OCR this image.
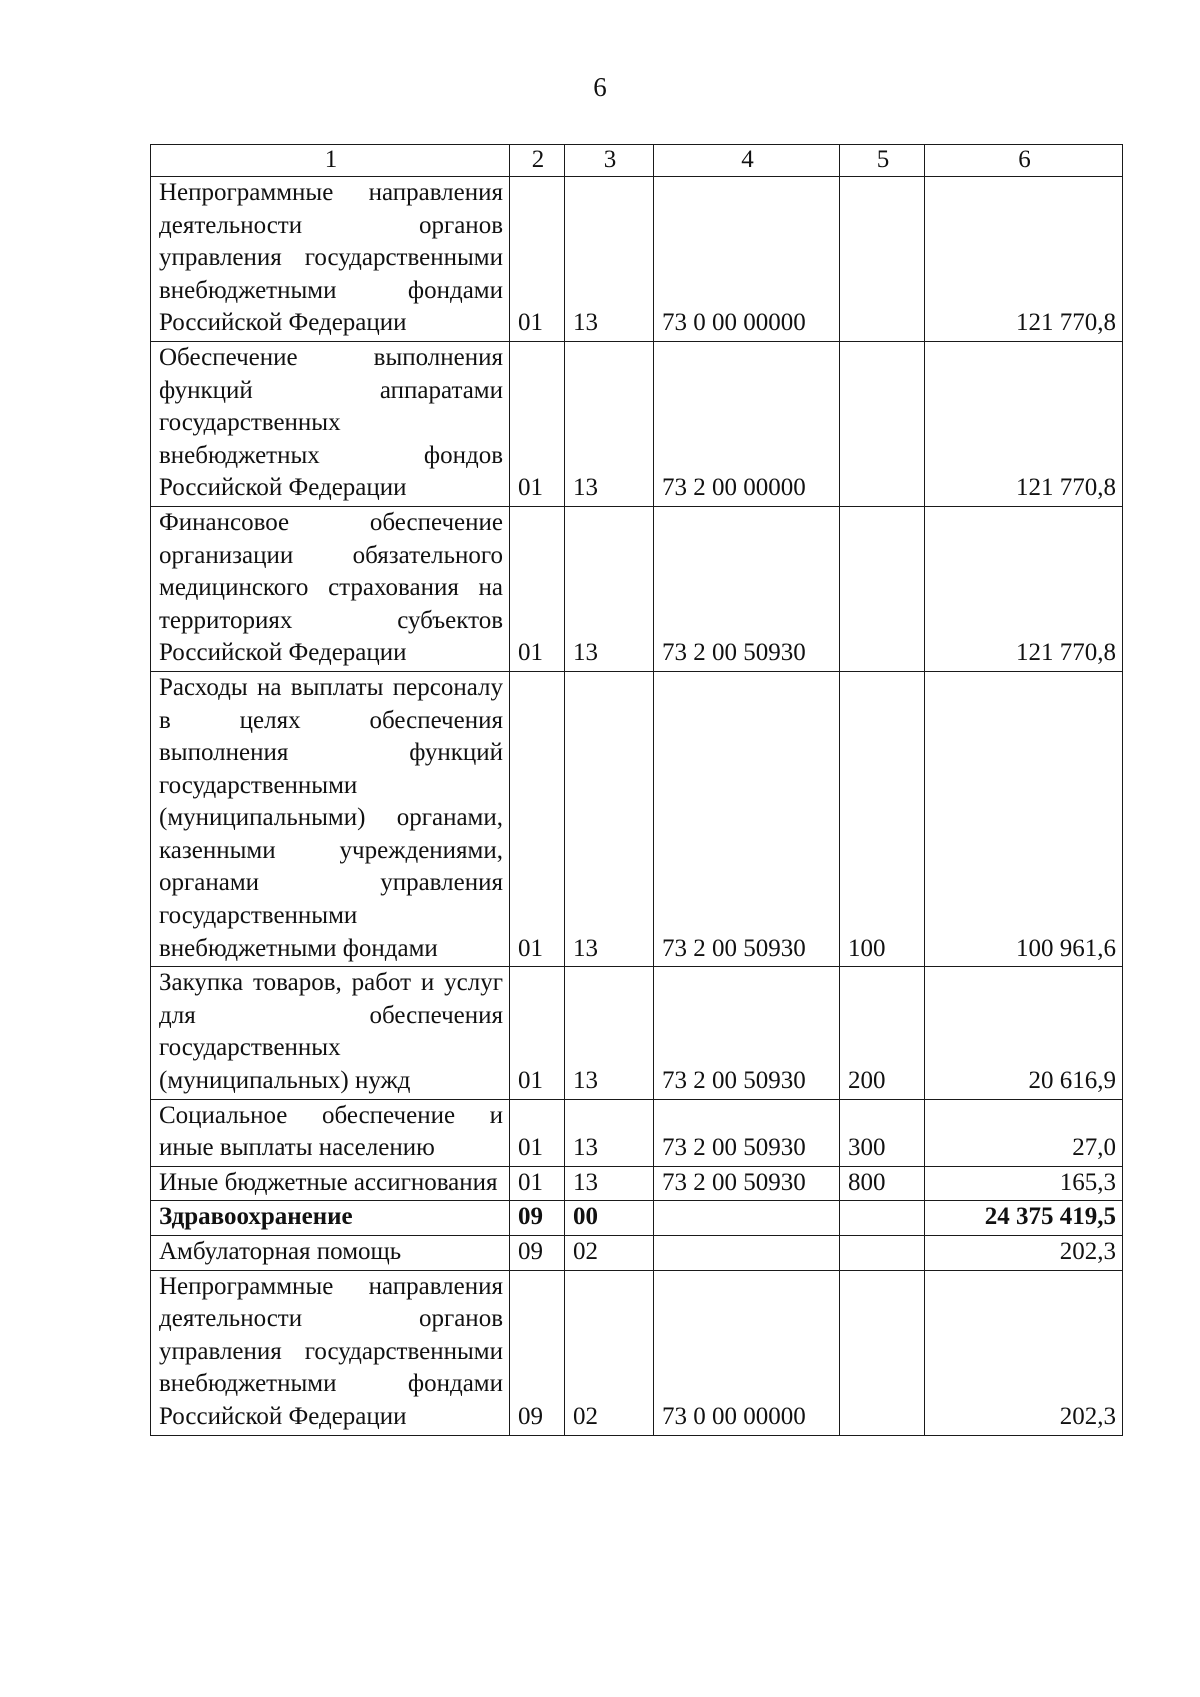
6
1	2	3	4	5	6
Непрограммные направления деятельности органов управления государственными внебюджетными фондами Российской Федерации	01	13	73 0 00 00000		121 770,8
Обеспечение выполнения функций аппаратами государственных внебюджетных фондов Российской Федерации	01	13	73 2 00 00000		121 770,8
Финансовое обеспечение организации обязательного медицинского страхования на территориях субъектов Российской Федерации	01	13	73 2 00 50930		121 770,8
Расходы на выплаты персоналу в целях обеспечения выполнения функций государственными (муниципальными) органами, казенными учреждениями, органами управления государственными внебюджетными фондами	01	13	73 2 00 50930	100	100 961,6
Закупка товаров, работ и услуг для обеспечения государственных (муниципальных) нужд	01	13	73 2 00 50930	200	20 616,9
Социальное обеспечение и иные выплаты населению	01	13	73 2 00 50930	300	27,0
Иные бюджетные ассигнования	01	13	73 2 00 50930	800	165,3
Здравоохранение	09	00			24 375 419,5
Амбулаторная помощь	09	02			202,3
Непрограммные направления деятельности органов управления государственными внебюджетными фондами Российской Федерации	09	02	73 0 00 00000		202,3
